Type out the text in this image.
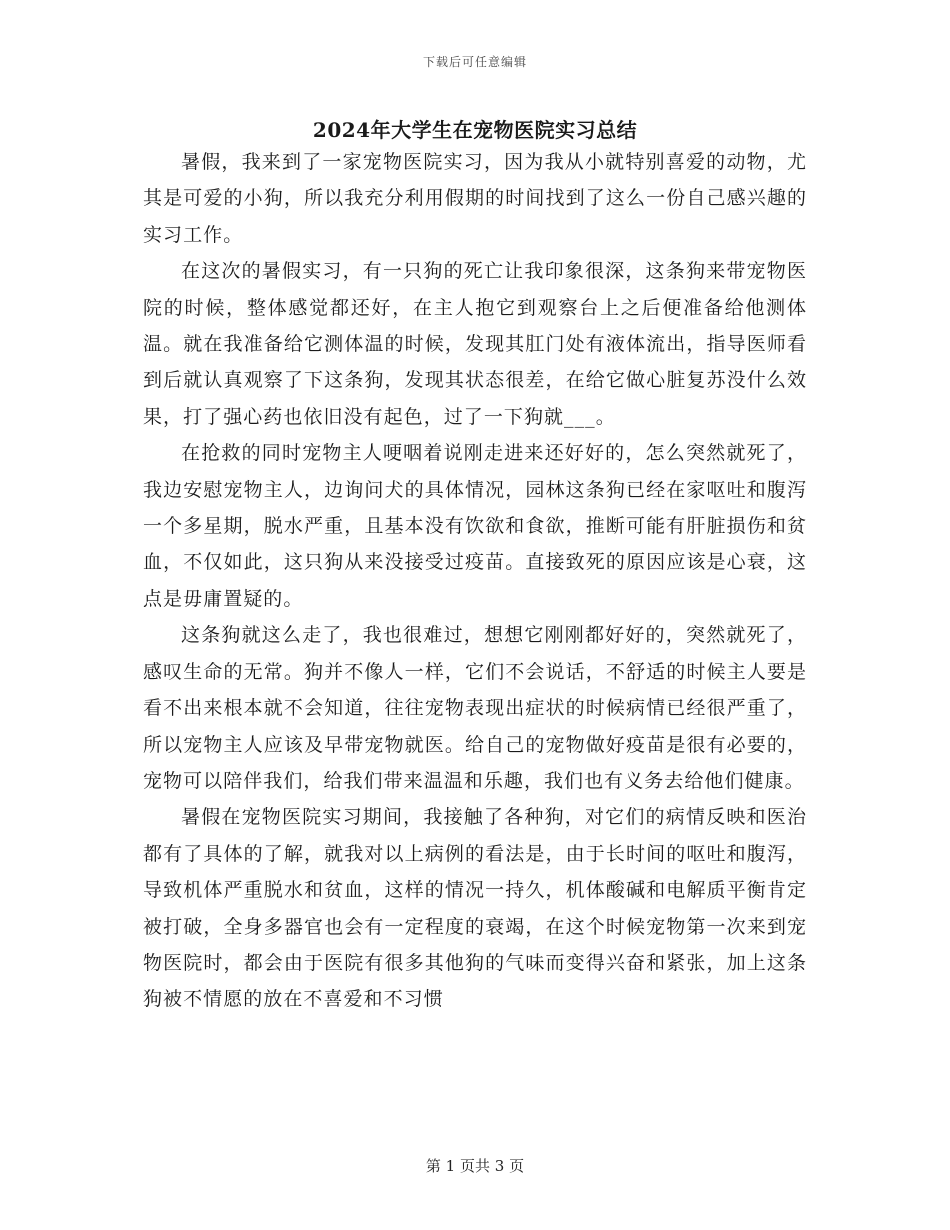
下载后可任意编辑
2024年大学生在宠物医院实习总结

暑假，我来到了一家宠物医院实习，因为我从小就特别喜爱的动物，尤其是可爱的小狗，所以我充分利用假期的时间找到了这么一份自己感兴趣的实习工作。

在这次的暑假实习，有一只狗的死亡让我印象很深，这条狗来带宠物医院的时候，整体感觉都还好，在主人抱它到观察台上之后便准备给他测体温。就在我准备给它测体温的时候，发现其肛门处有液体流出，指导医师看到后就认真观察了下这条狗，发现其状态很差，在给它做心脏复苏没什么效果，打了强心药也依旧没有起色，过了一下狗就___。

在抢救的同时宠物主人哽咽着说刚走进来还好好的，怎么突然就死了，我边安慰宠物主人，边询问犬的具体情况，园林这条狗已经在家呕吐和腹泻一个多星期，脱水严重，且基本没有饮欲和食欲，推断可能有肝脏损伤和贫血，不仅如此，这只狗从来没接受过疫苗。直接致死的原因应该是心衰，这点是毋庸置疑的。

这条狗就这么走了，我也很难过，想想它刚刚都好好的，突然就死了，感叹生命的无常。狗并不像人一样，它们不会说话，不舒适的时候主人要是看不出来根本就不会知道，往往宠物表现出症状的时候病情已经很严重了，所以宠物主人应该及早带宠物就医。给自己的宠物做好疫苗是很有必要的，宠物可以陪伴我们，给我们带来温温和乐趣，我们也有义务去给他们健康。

暑假在宠物医院实习期间，我接触了各种狗，对它们的病情反映和医治都有了具体的了解，就我对以上病例的看法是，由于长时间的呕吐和腹泻，导致机体严重脱水和贫血，这样的情况一持久，机体酸碱和电解质平衡肯定被打破，全身多器官也会有一定程度的衰竭，在这个时候宠物第一次来到宠物医院时，都会由于医院有很多其他狗的气味而变得兴奋和紧张，加上这条狗被不情愿的放在不喜爱和不习惯

第 1 页共 3 页
